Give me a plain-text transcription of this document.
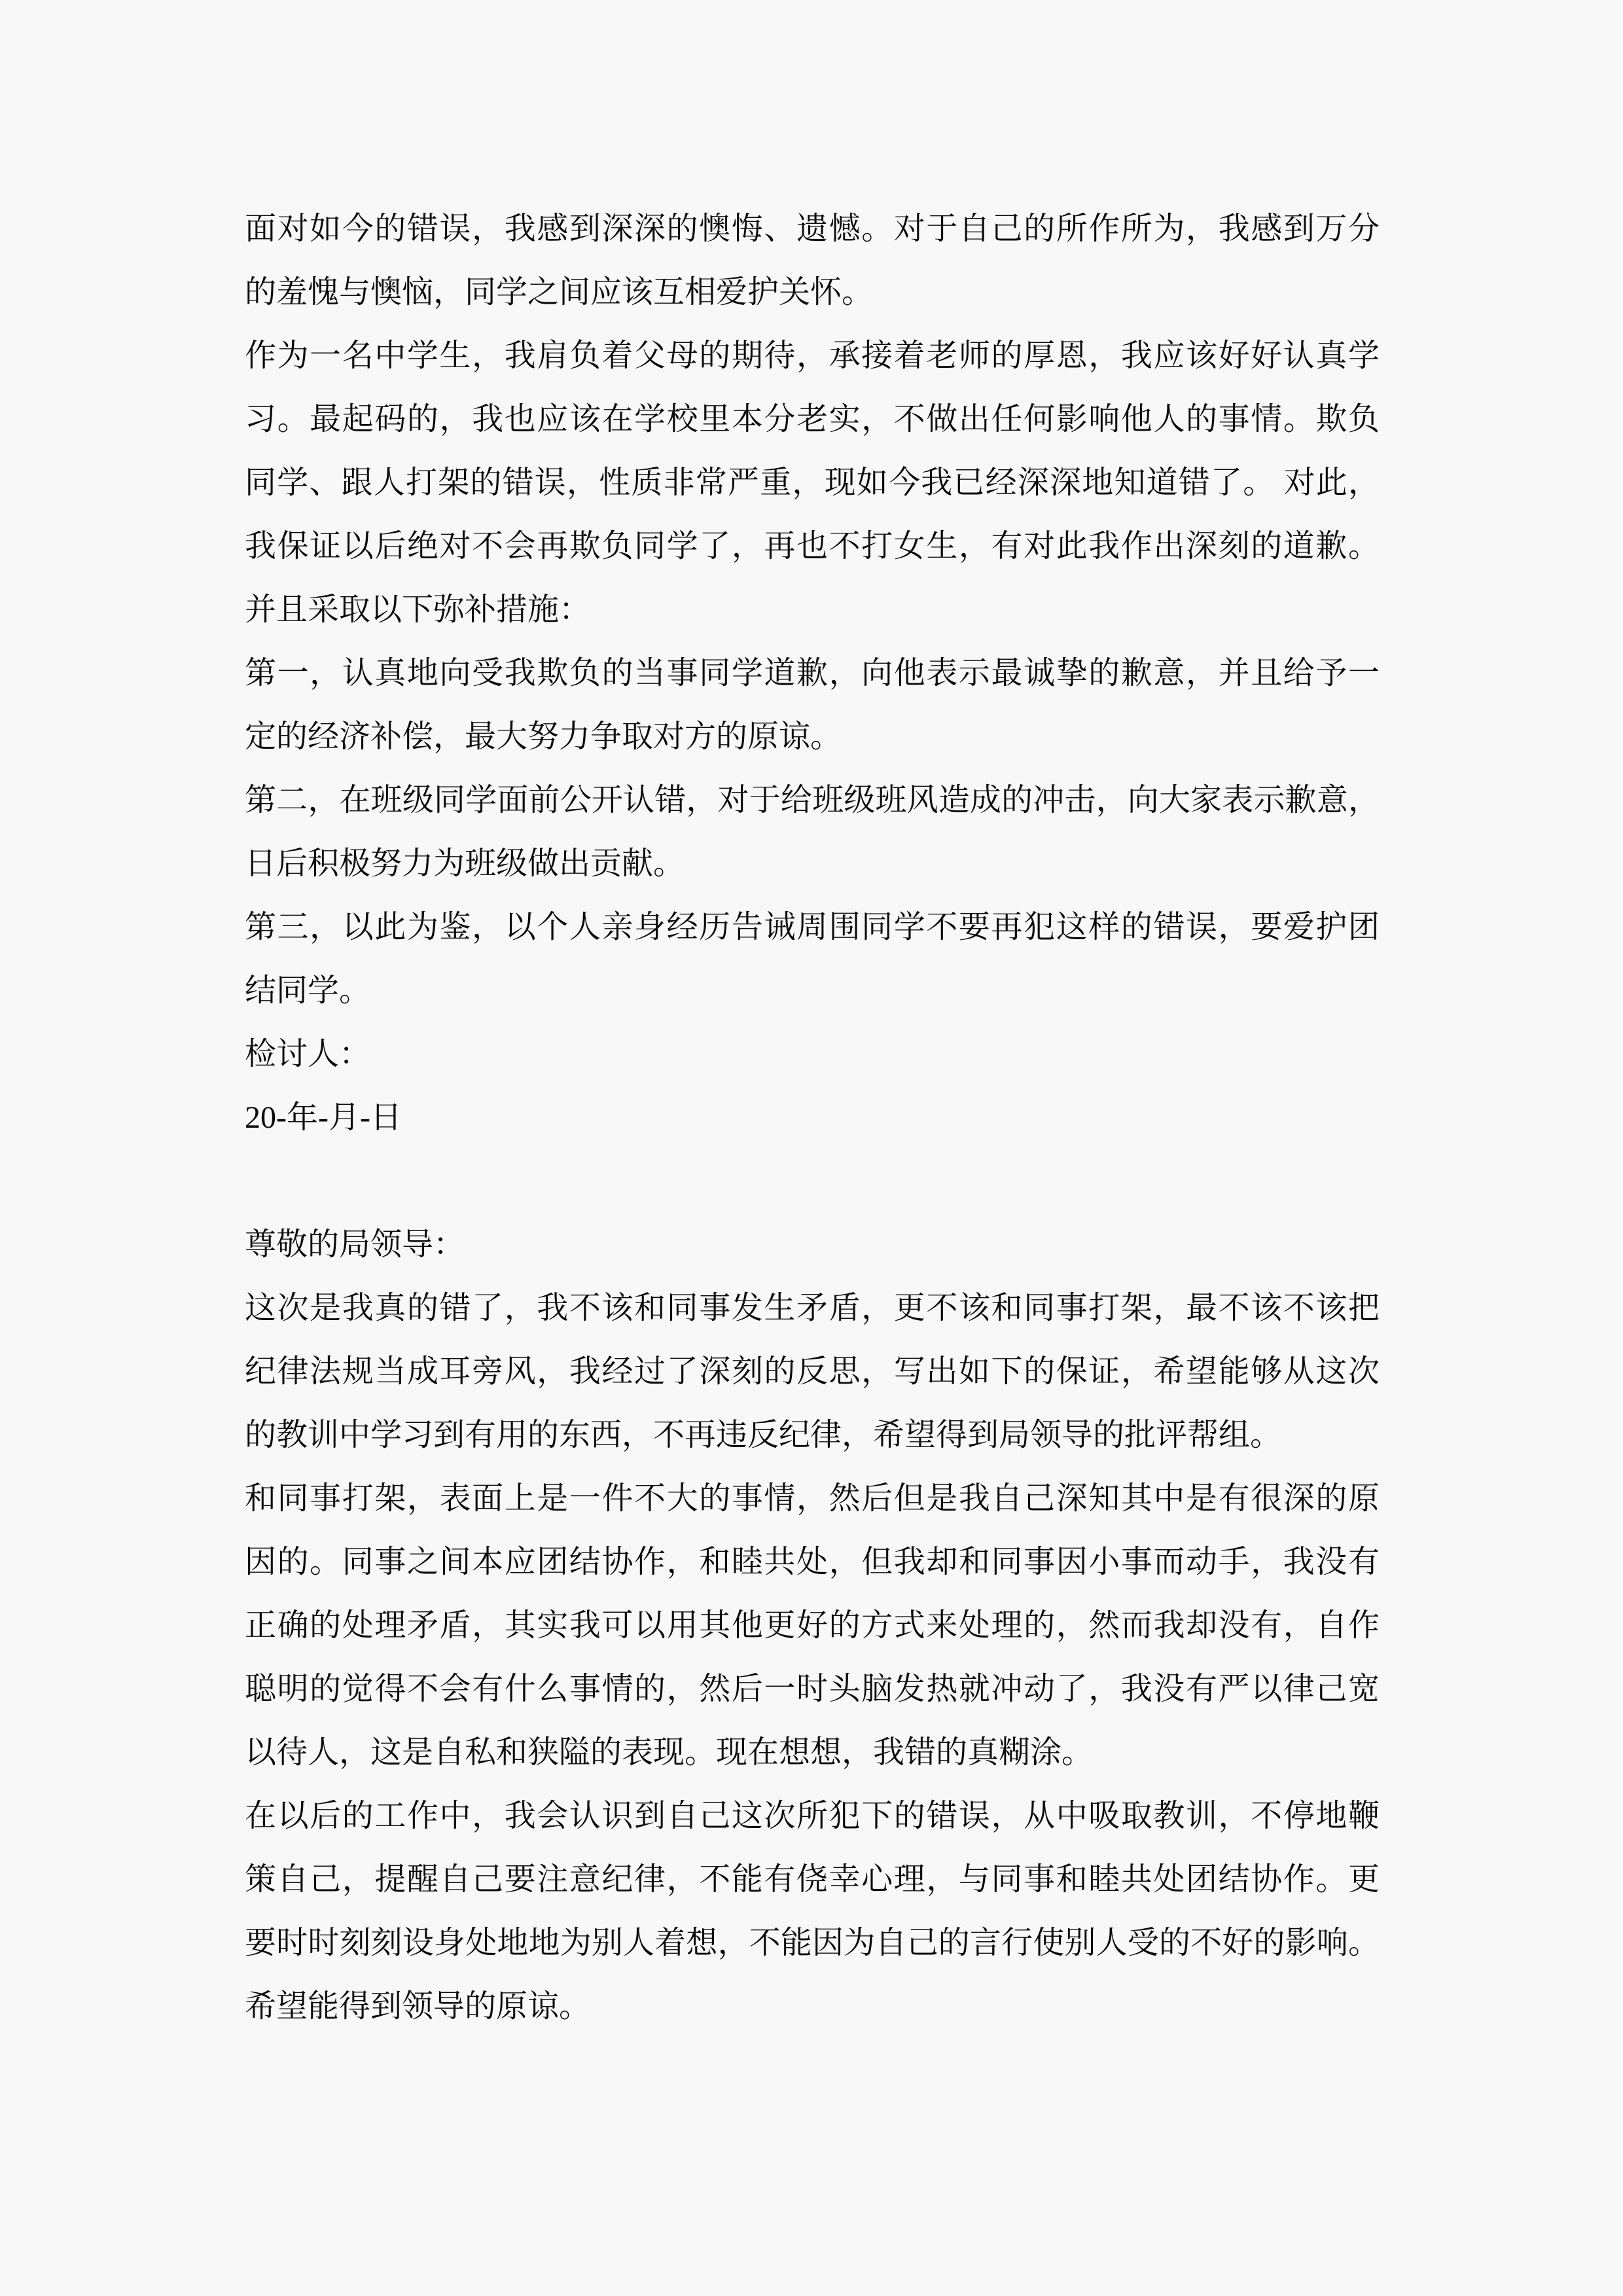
面对如今的错误，我感到深深的懊悔、遗憾。对于自己的所作所为，我感到万分
的羞愧与懊恼，同学之间应该互相爱护关怀。
作为一名中学生，我肩负着父母的期待，承接着老师的厚恩，我应该好好认真学
习。最起码的，我也应该在学校里本分老实，不做出任何影响他人的事情。欺负
同学、跟人打架的错误，性质非常严重，现如今我已经深深地知道错了。 对此，
我保证以后绝对不会再欺负同学了，再也不打女生，有对此我作出深刻的道歉。
并且采取以下弥补措施：
第一，认真地向受我欺负的当事同学道歉，向他表示最诚挚的歉意，并且给予一
定的经济补偿，最大努力争取对方的原谅。
第二，在班级同学面前公开认错，对于给班级班风造成的冲击，向大家表示歉意，
日后积极努力为班级做出贡献。
第三，以此为鉴，以个人亲身经历告诫周围同学不要再犯这样的错误，要爱护团
结同学。
检讨人：
20-年-月-日

尊敬的局领导：
这次是我真的错了，我不该和同事发生矛盾，更不该和同事打架，最不该不该把
纪律法规当成耳旁风，我经过了深刻的反思，写出如下的保证，希望能够从这次
的教训中学习到有用的东西，不再违反纪律，希望得到局领导的批评帮组。
和同事打架，表面上是一件不大的事情，然后但是我自己深知其中是有很深的原
因的。同事之间本应团结协作，和睦共处，但我却和同事因小事而动手，我没有
正确的处理矛盾，其实我可以用其他更好的方式来处理的，然而我却没有，自作
聪明的觉得不会有什么事情的，然后一时头脑发热就冲动了，我没有严以律己宽
以待人，这是自私和狭隘的表现。现在想想，我错的真糊涂。
在以后的工作中，我会认识到自己这次所犯下的错误，从中吸取教训，不停地鞭
策自己，提醒自己要注意纪律，不能有侥幸心理，与同事和睦共处团结协作。更
要时时刻刻设身处地地为别人着想，不能因为自己的言行使别人受的不好的影响。
希望能得到领导的原谅。
